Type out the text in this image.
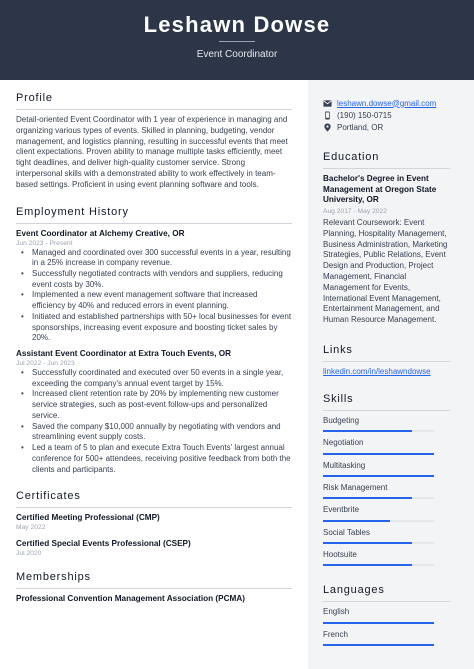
Leshawn Dowse
Event Coordinator
Profile
Detail-oriented Event Coordinator with 1 year of experience in managing and organizing various types of events. Skilled in planning, budgeting, vendor management, and logistics planning, resulting in successful events that meet client expectations. Proven ability to manage multiple tasks efficiently, meet tight deadlines, and deliver high-quality customer service. Strong interpersonal skills with a demonstrated ability to work effectively in team-based settings. Proficient in using event planning software and tools.
Employment History
Event Coordinator at Alchemy Creative, OR
Jun 2023 - Present
• Managed and coordinated over 300 successful events in a year, resulting in a 25% increase in company revenue.
• Successfully negotiated contracts with vendors and suppliers, reducing event costs by 30%.
• Implemented a new event management software that increased efficiency by 40% and reduced errors in event planning.
• Initiated and established partnerships with 50+ local businesses for event sponsorships, increasing event exposure and boosting ticket sales by 20%.
Assistant Event Coordinator at Extra Touch Events, OR
Jul 2022 - Jun 2023
• Successfully coordinated and executed over 50 events in a single year, exceeding the company's annual event target by 15%.
• Increased client retention rate by 20% by implementing new customer service strategies, such as post-event follow-ups and personalized service.
• Saved the company $10,000 annually by negotiating with vendors and streamlining event supply costs.
• Led a team of 5 to plan and execute Extra Touch Events' largest annual conference for 500+ attendees, receiving positive feedback from both the clients and participants.
Certificates
Certified Meeting Professional (CMP)
May 2022
Certified Special Events Professional (CSEP)
Jul 2020
Memberships
Professional Convention Management Association (PCMA)
leshawn.dowse@gmail.com
(190) 150-0715
Portland, OR
Education
Bachelor's Degree in Event Management at Oregon State University, OR
Aug 2017 - May 2022
Relevant Coursework: Event Planning, Hospitality Management, Business Administration, Marketing Strategies, Public Relations, Event Design and Production, Project Management, Financial Management for Events, International Event Management, Entertainment Management, and Human Resource Management.
Links
linkedin.com/in/leshawndowse
Skills
Budgeting
Negotiation
Multitasking
Risk Management
Eventbrite
Social Tables
Hootsuite
Languages
English
French
